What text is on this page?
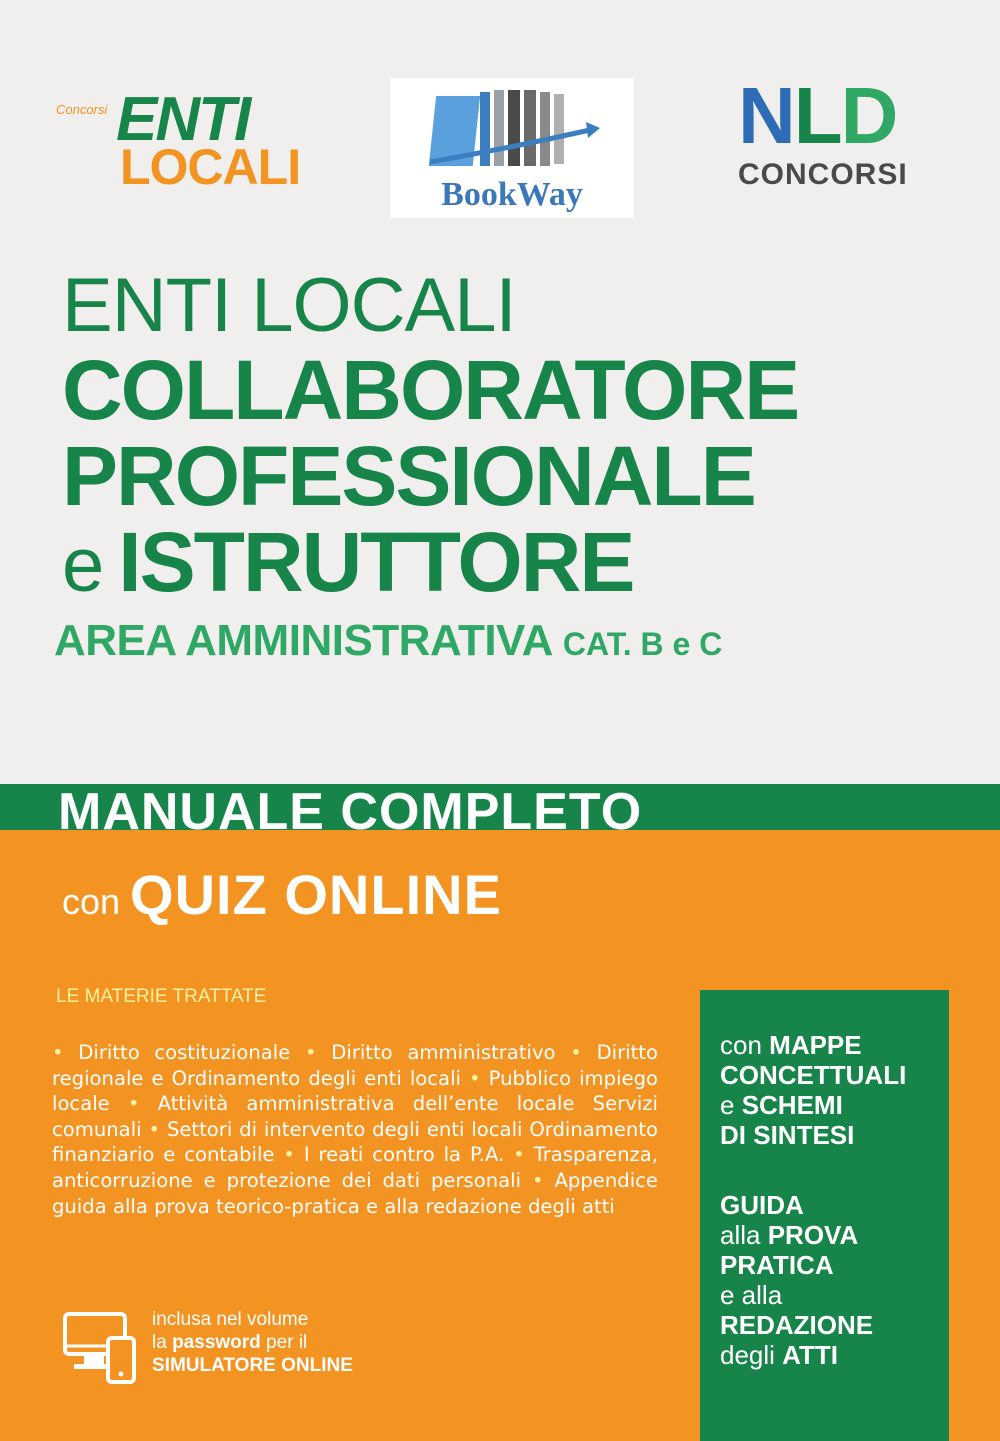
Concorsi ENTI
LOCALI	BookWay
NLD
CONCORSI
ENTI LOCALI
COLLABORATORE
PROFESSIONALE
e ISTRUTTORE
AREA AMMINISTRATIVA CAT. B e C
MANUALE COMPLETO
con QUIZ ONLINE
LE MATERIE TRATTATE
• Diritto costituzionale • Diritto amministrativo • Diritto regionale e Ordinamento degli enti locali • Pubblico impiego locale • Attività amministrativa dell’ente locale Servizi comunali • Settori di intervento degli enti locali Ordinamento finanziario e contabile • I reati contro la P.A. • Trasparenza, anticorruzione e protezione dei dati personali • Appendice guida alla prova teorico-pratica e alla redazione degli atti
inclusa nel volume
la password per il
SIMULATORE ONLINE
con MAPPE
CONCETTUALI
e SCHEMI
DI SINTESI
GUIDA
alla PROVA
PRATICA
e alla
REDAZIONE
degli ATTI
